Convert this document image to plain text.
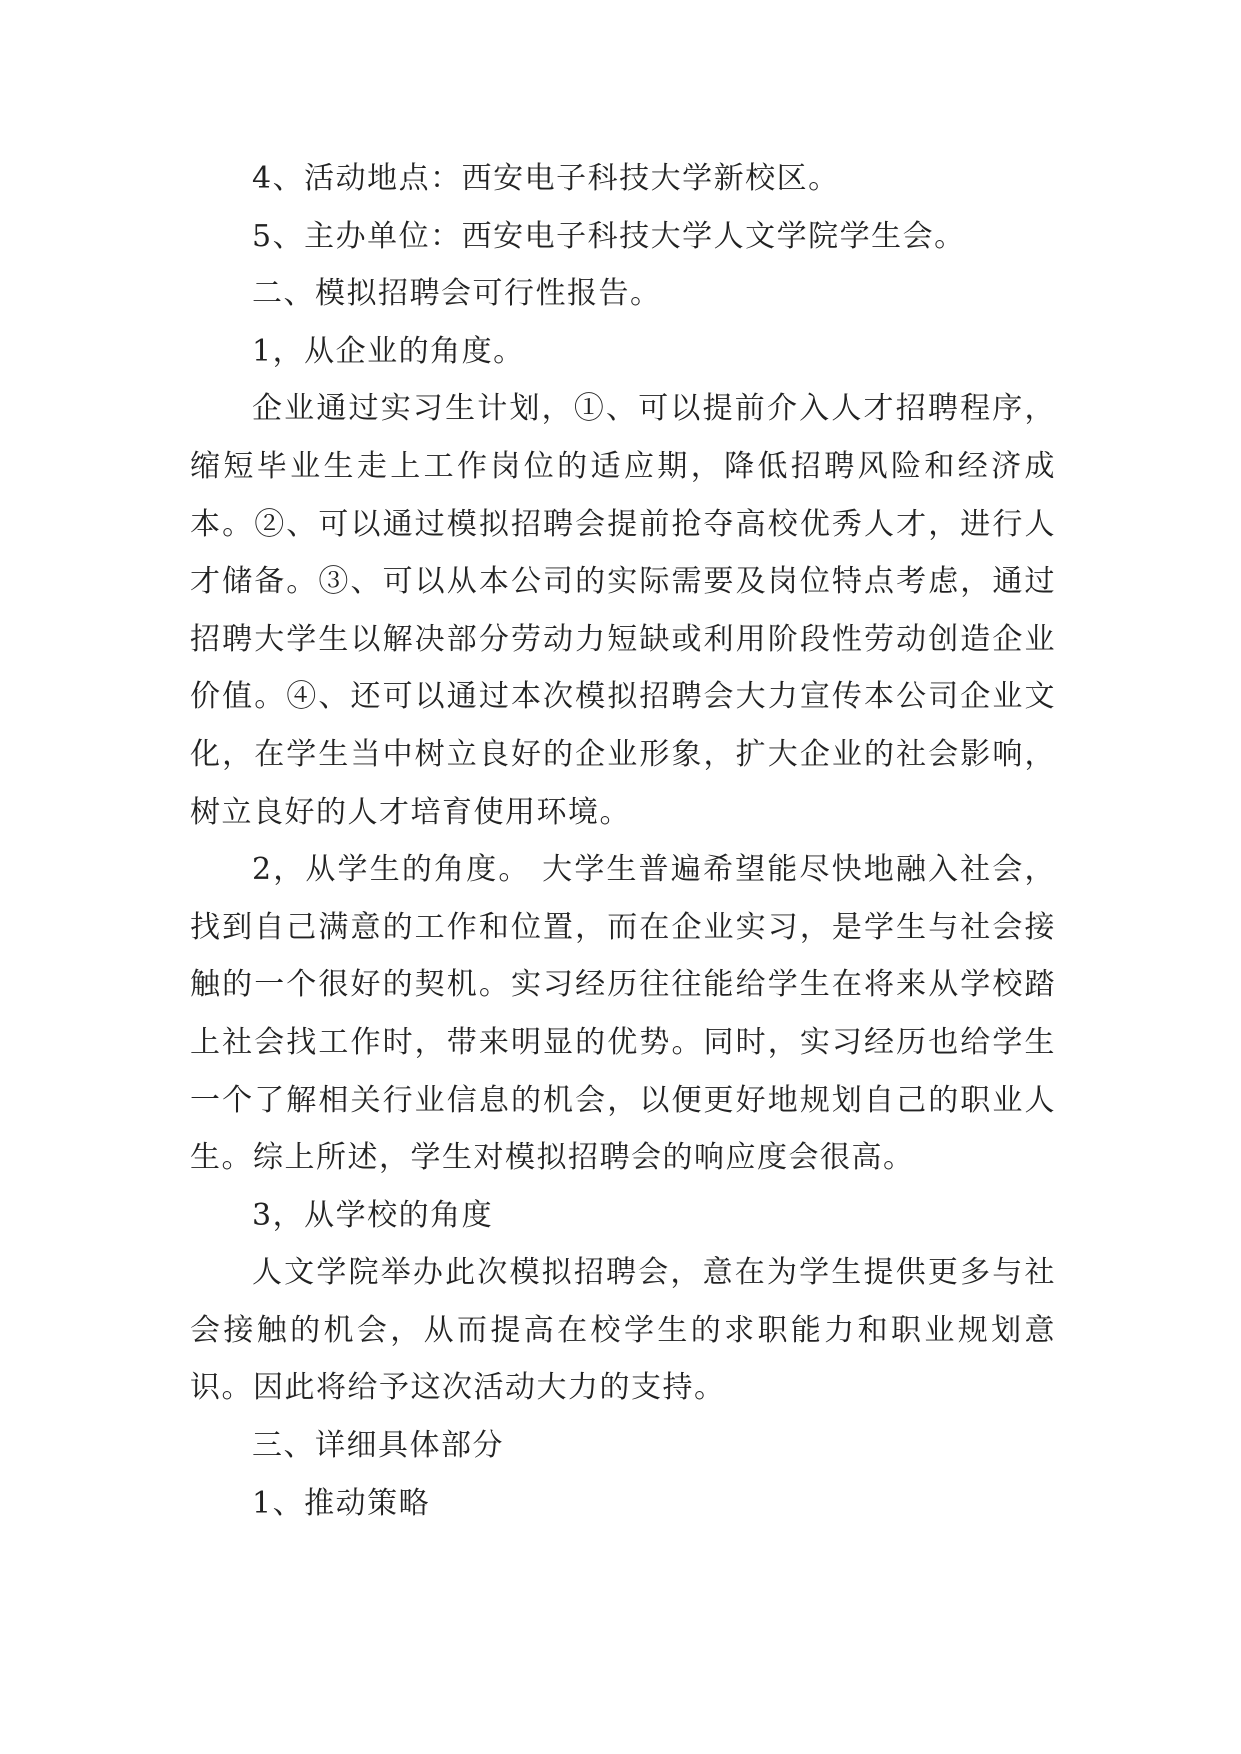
4、活动地点：西安电子科技大学新校区。

5、主办单位：西安电子科技大学人文学院学生会。

二、模拟招聘会可行性报告。

1，从企业的角度。

企业通过实习生计划，①、可以提前介入人才招聘程序，缩短毕业生走上工作岗位的适应期，降低招聘风险和经济成本。②、可以通过模拟招聘会提前抢夺高校优秀人才，进行人才储备。③、可以从本公司的实际需要及岗位特点考虑，通过招聘大学生以解决部分劳动力短缺或利用阶段性劳动创造企业价值。④、还可以通过本次模拟招聘会大力宣传本公司企业文化，在学生当中树立良好的企业形象，扩大企业的社会影响，树立良好的人才培育使用环境。

2，从学生的角度。 大学生普遍希望能尽快地融入社会，找到自己满意的工作和位置，而在企业实习，是学生与社会接触的一个很好的契机。实习经历往往能给学生在将来从学校踏上社会找工作时，带来明显的优势。同时，实习经历也给学生一个了解相关行业信息的机会，以便更好地规划自己的职业人生。综上所述，学生对模拟招聘会的响应度会很高。

3，从学校的角度

人文学院举办此次模拟招聘会，意在为学生提供更多与社会接触的机会，从而提高在校学生的求职能力和职业规划意识。因此将给予这次活动大力的支持。

三、详细具体部分

1、推动策略
